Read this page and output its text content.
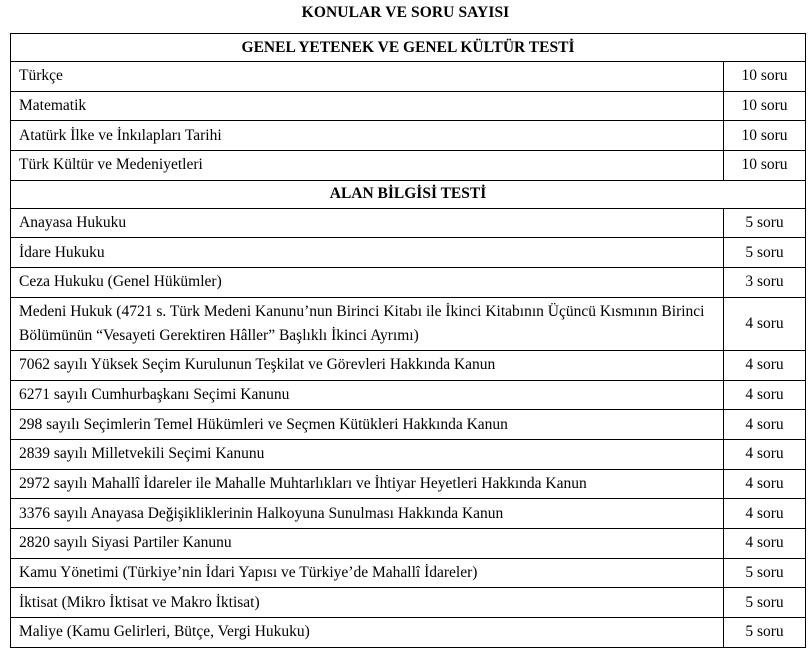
KONULAR VE SORU SAYISI
GENEL YETENEK VE GENEL KÜLTÜR TESTİ	
Türkçe	10 soru
Matematik	10 soru
Atatürk İlke ve İnkılapları Tarihi	10 soru
Türk Kültür ve Medeniyetleri	10 soru
ALAN BİLGİSİ TESTİ	
Anayasa Hukuku	5 soru
İdare Hukuku	5 soru
Ceza Hukuku (Genel Hükümler)	3 soru
Medeni Hukuk (4721 s. Türk Medeni Kanunu’nun Birinci Kitabı ile İkinci Kitabının Üçüncü Kısmının Birinci Bölümünün “Vesayeti Gerektiren Hâller” Başlıklı İkinci Ayrımı)	4 soru
7062 sayılı Yüksek Seçim Kurulunun Teşkilat ve Görevleri Hakkında Kanun	4 soru
6271 sayılı Cumhurbaşkanı Seçimi Kanunu	4 soru
298 sayılı Seçimlerin Temel Hükümleri ve Seçmen Kütükleri Hakkında Kanun	4 soru
2839 sayılı Milletvekili Seçimi Kanunu	4 soru
2972 sayılı Mahallî İdareler ile Mahalle Muhtarlıkları ve İhtiyar Heyetleri Hakkında Kanun	4 soru
3376 sayılı Anayasa Değişikliklerinin Halkoyuna Sunulması Hakkında Kanun	4 soru
2820 sayılı Siyasi Partiler Kanunu	4 soru
Kamu Yönetimi (Türkiye’nin İdari Yapısı ve Türkiye’de Mahallî İdareler)	5 soru
İktisat (Mikro İktisat ve Makro İktisat)	5 soru
Maliye (Kamu Gelirleri, Bütçe, Vergi Hukuku)	5 soru
